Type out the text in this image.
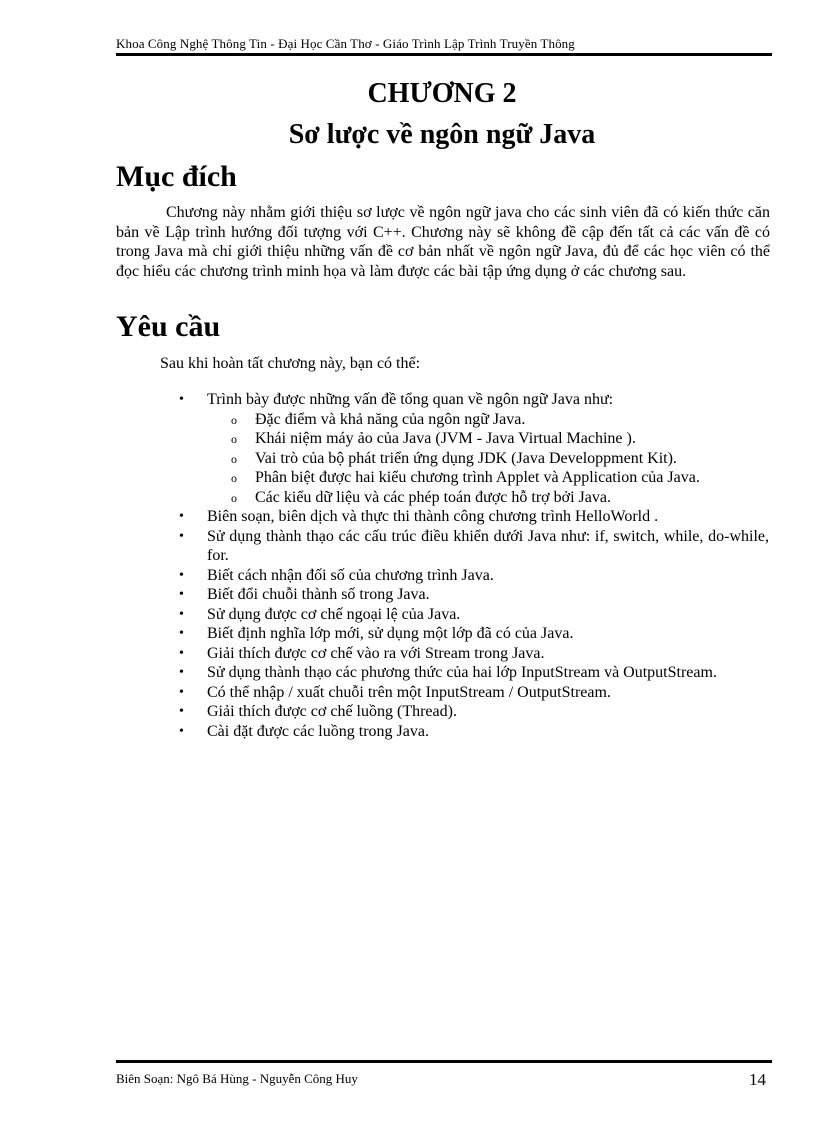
Khoa Công Nghệ Thông Tin - Đại Học Cần Thơ - Giáo Trình Lập Trình Truyền Thông
CHƯƠNG 2
Sơ lược về ngôn ngữ Java
Mục đích

Chương này nhằm giới thiệu sơ lược về ngôn ngữ java cho các sinh viên đã có kiến thức căn bản về Lập trình hướng đối tượng với C++. Chương này sẽ không đề cập đến tất cả các vấn đề có trong Java mà chỉ giới thiệu những vấn đề cơ bản nhất về ngôn ngữ Java, đủ để các học viên có thể đọc hiểu các chương trình minh họa và làm được các bài tập ứng dụng ở các chương sau.

Yêu cầu
Sau khi hoàn tất chương này, bạn có thể:
• Trình bày được những vấn đề tổng quan về ngôn ngữ Java như:
o Đặc điểm và khả năng của ngôn ngữ Java.
o Khái niệm máy ảo của Java (JVM - Java Virtual Machine ).
o Vai trò của bộ phát triển ứng dụng JDK (Java Developpment Kit).
o Phân biệt được hai kiểu chương trình Applet và Application của Java.
o Các kiểu dữ liệu và các phép toán được hỗ trợ bởi Java.
• Biên soạn, biên dịch và thực thi thành công chương trình HelloWorld .
• Sử dụng thành thạo các cấu trúc điều khiển dưới Java như: if, switch, while, do-while, for.
• Biết cách nhận đối số của chương trình Java.
• Biết đổi chuỗi thành số trong Java.
• Sử dụng được cơ chế ngoại lệ của Java.
• Biết định nghĩa lớp mới, sử dụng một lớp đã có của Java.
• Giải thích được cơ chế vào ra với Stream trong Java.
• Sử dụng thành thạo các phương thức của hai lớp InputStream và OutputStream.
• Có thể nhập / xuất chuỗi trên một InputStream / OutputStream.
• Giải thích được cơ chế luồng (Thread).
• Cài đặt được các luồng trong Java.
Biên Soạn: Ngô Bá Hùng - Nguyễn Công Huy	14
